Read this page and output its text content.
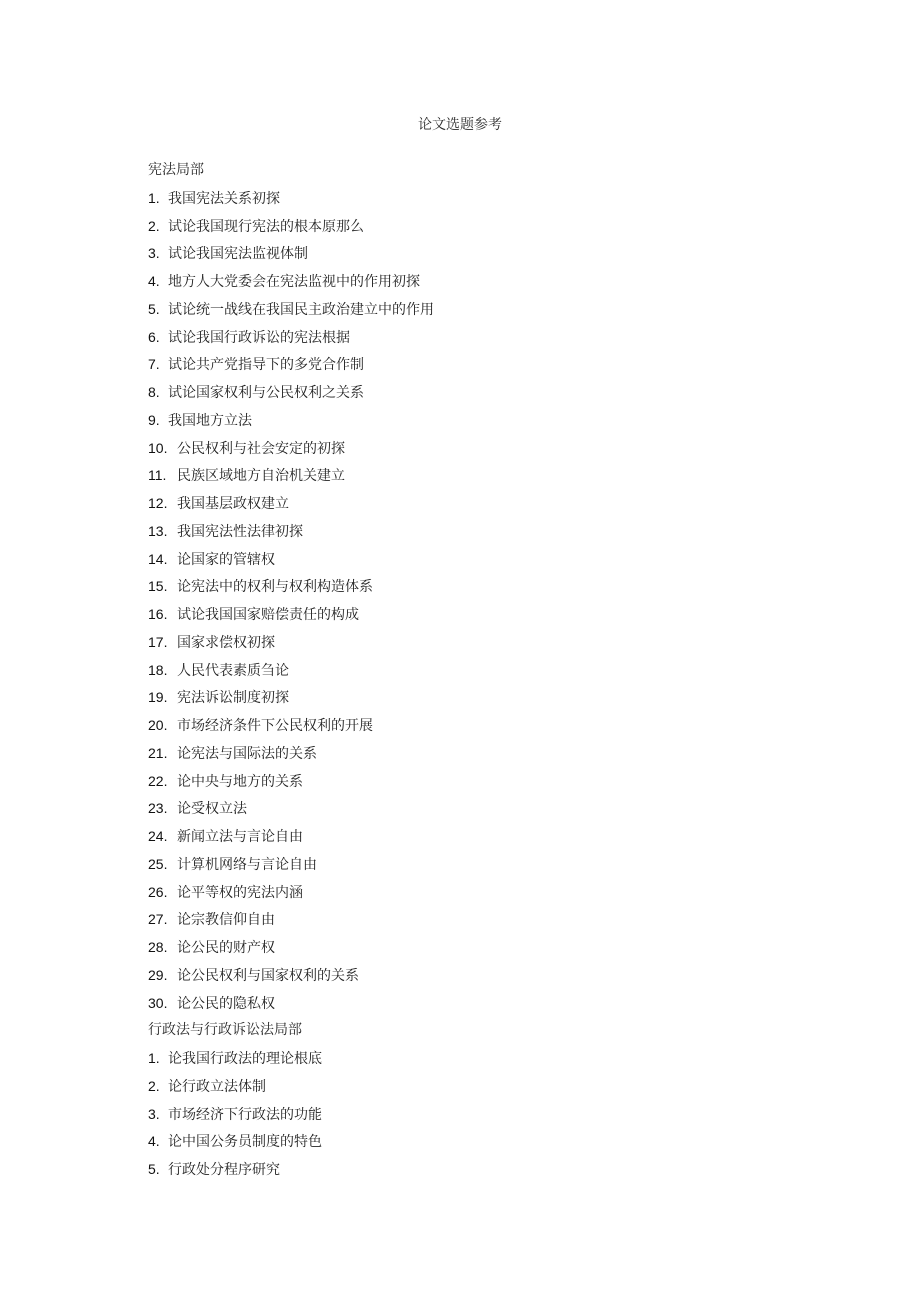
论文选题参考
宪法局部
1. 我国宪法关系初探
2. 试论我国现行宪法的根本原那么
3. 试论我国宪法监视体制
4. 地方人大党委会在宪法监视中的作用初探
5. 试论统一战线在我国民主政治建立中的作用
6. 试论我国行政诉讼的宪法根据
7. 试论共产党指导下的多党合作制
8. 试论国家权利与公民权利之关系
9. 我国地方立法
10. 公民权利与社会安定的初探
11. 民族区域地方自治机关建立
12. 我国基层政权建立
13. 我国宪法性法律初探
14. 论国家的管辖权
15. 论宪法中的权利与权利构造体系
16. 试论我国国家赔偿责任的构成
17. 国家求偿权初探
18. 人民代表素质刍论
19. 宪法诉讼制度初探
20. 市场经济条件下公民权利的开展
21. 论宪法与国际法的关系
22. 论中央与地方的关系
23. 论受权立法
24. 新闻立法与言论自由
25. 计算机网络与言论自由
26. 论平等权的宪法内涵
27. 论宗教信仰自由
28. 论公民的财产权
29. 论公民权利与国家权利的关系
30. 论公民的隐私权
行政法与行政诉讼法局部
1. 论我国行政法的理论根底
2. 论行政立法体制
3. 市场经济下行政法的功能
4. 论中国公务员制度的特色
5. 行政处分程序研究
